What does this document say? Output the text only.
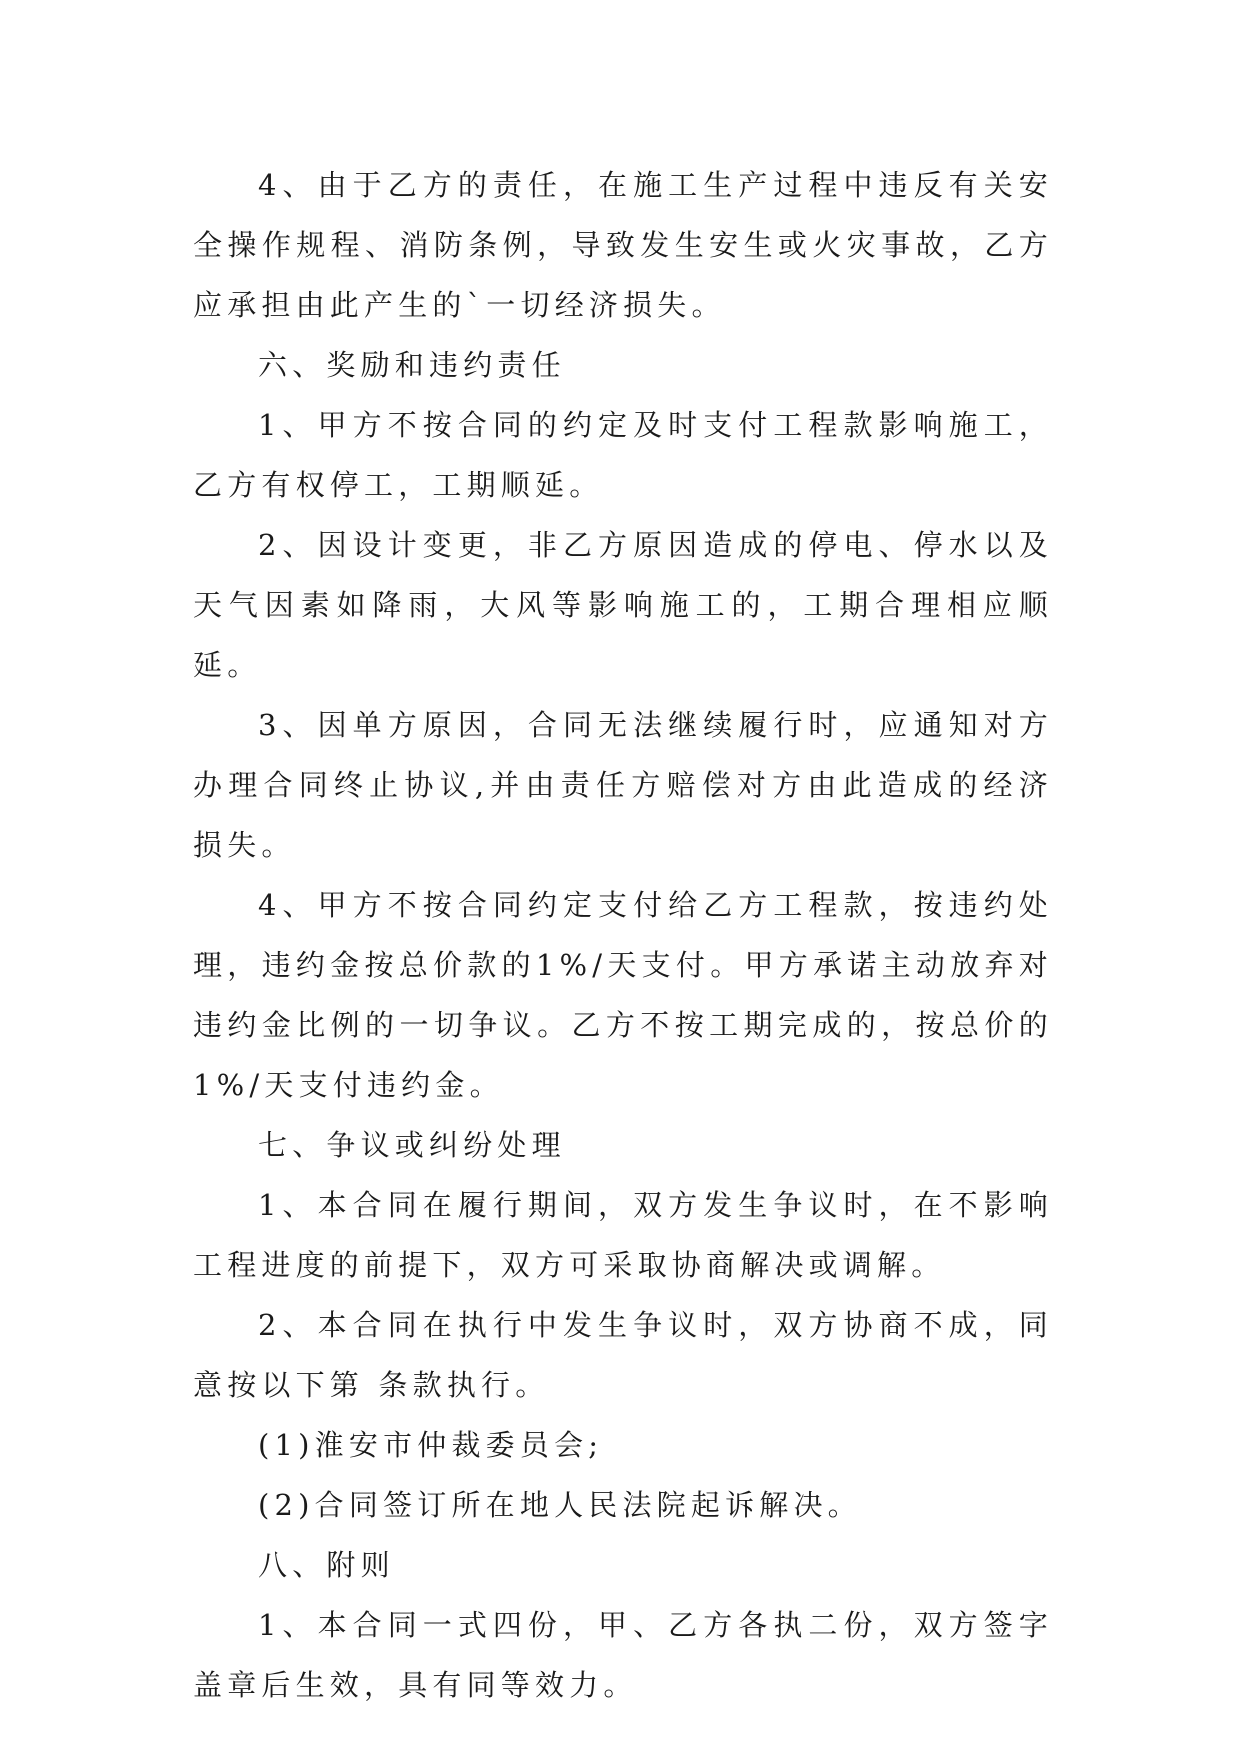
4、由于乙方的责任，在施工生产过程中违反有关安全操作规程、消防条例，导致发生安生或火灾事故，乙方应承担由此产生的`一切经济损失。

六、奖励和违约责任

1、甲方不按合同的约定及时支付工程款影响施工，乙方有权停工，工期顺延。

2、因设计变更，非乙方原因造成的停电、停水以及天气因素如降雨，大风等影响施工的，工期合理相应顺延。

3、因单方原因，合同无法继续履行时，应通知对方办理合同终止协议,并由责任方赔偿对方由此造成的经济损失。

4、甲方不按合同约定支付给乙方工程款，按违约处理，违约金按总价款的1%/天支付。甲方承诺主动放弃对违约金比例的一切争议。乙方不按工期完成的，按总价的1%/天支付违约金。

七、争议或纠纷处理

1、本合同在履行期间，双方发生争议时，在不影响工程进度的前提下，双方可采取协商解决或调解。

2、本合同在执行中发生争议时，双方协商不成，同意按以下第 条款执行。

(1)淮安市仲裁委员会;

(2)合同签订所在地人民法院起诉解决。

八、附则

1、本合同一式四份，甲、乙方各执二份，双方签字盖章后生效，具有同等效力。
